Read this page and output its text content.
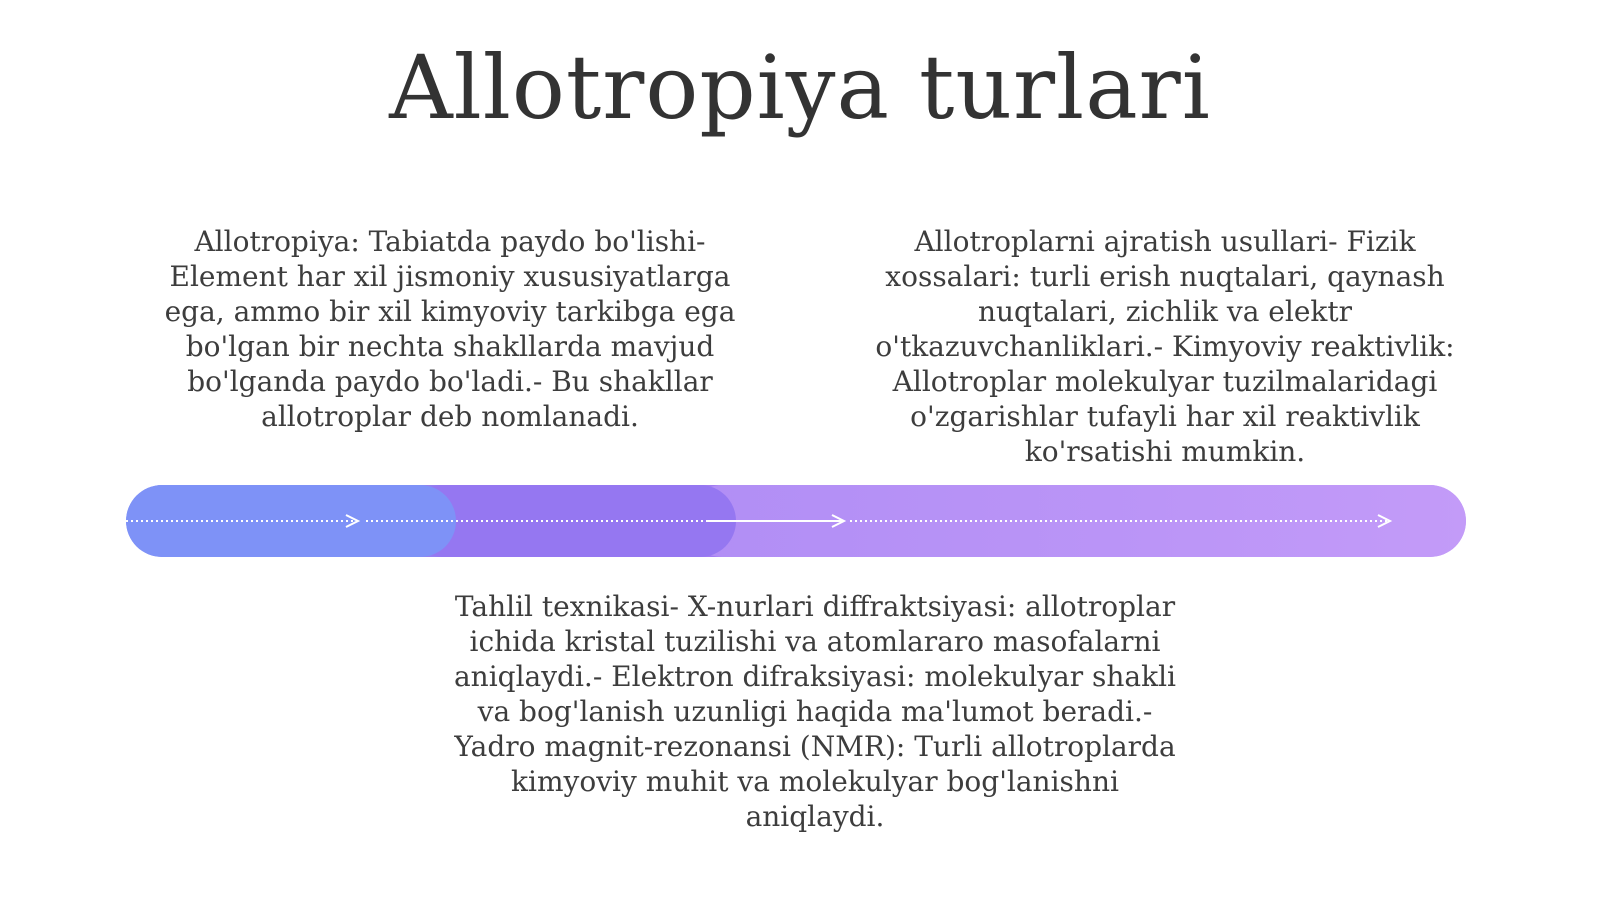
Allotropiya turlari

Allotropiya: Tabiatda paydo bo'lishi- Element har xil jismoniy xususiyatlarga ega, ammo bir xil kimyoviy tarkibga ega bo'lgan bir nechta shakllarda mavjud bo'lganda paydo bo'ladi.- Bu shakllar allotroplar deb nomlanadi.

Allotroplarni ajratish usullari- Fizik xossalari: turli erish nuqtalari, qaynash nuqtalari, zichlik va elektr o'tkazuvchanliklari.- Kimyoviy reaktivlik: Allotroplar molekulyar tuzilmalaridagi o'zgarishlar tufayli har xil reaktivlik ko'rsatishi mumkin.

Tahlil texnikasi- X-nurlari diffraktsiyasi: allotroplar ichida kristal tuzilishi va atomlararo masofalarni aniqlaydi.- Elektron difraksiyasi: molekulyar shakli va bog'lanish uzunligi haqida ma'lumot beradi.- Yadro magnit-rezonansi (NMR): Turli allotroplarda kimyoviy muhit va molekulyar bog'lanishni aniqlaydi.
